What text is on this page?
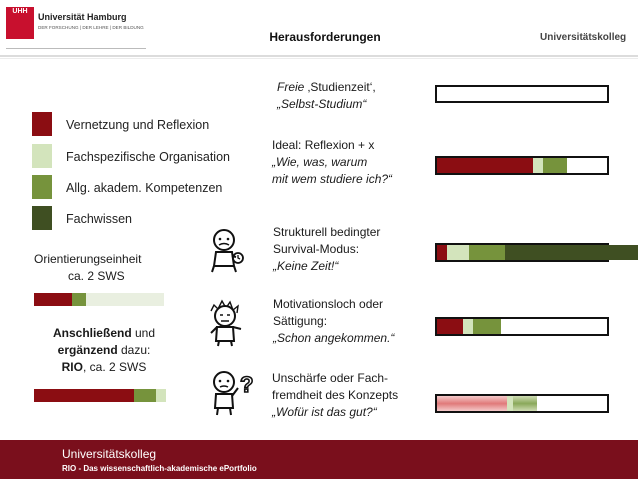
UHH
Universität Hamburg
DER FORSCHUNG | DER LEHRE | DER BILDUNG
Herausforderungen	Universitätskolleg
Vernetzung und Reflexion
Fachspezifische Organisation
Allg. akadem. Kompetenzen
Fachwissen
Orientierungseinheit
ca. 2 SWS
Anschließend und
ergänzend dazu:
RIO, ca. 2 SWS
Freie ‚Studienzeit‘,
„Selbst-Studium“
Ideal: Reflexion + x
„Wie, was, warum
mit wem studiere ich?“
Strukturell bedingter
Survival-Modus:
„Keine Zeit!“
Motivationsloch oder
Sättigung:
„Schon angekommen.“
? Unschärfe oder Fach-
fremdheit des Konzepts
„Wofür ist das gut?“
Universitätskolleg
RIO - Das wissenschaftlich-akademische ePortfolio
